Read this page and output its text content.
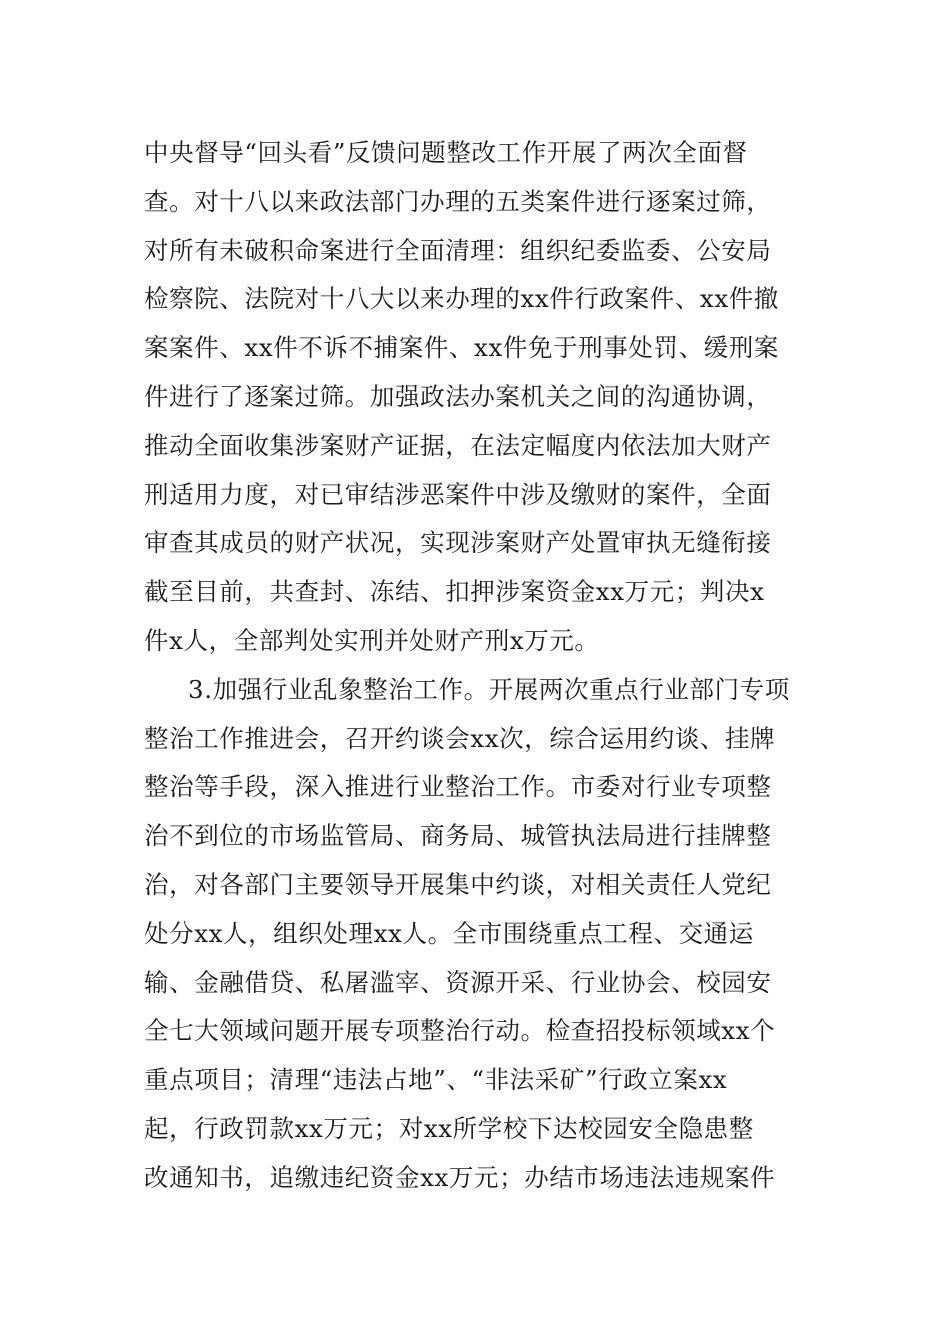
中央督导“回头看”反馈问题整改工作开展了两次全面督
查。对十八以来政法部门办理的五类案件进行逐案过筛，
对所有未破积命案进行全面清理：组织纪委监委、公安局
检察院、法院对十八大以来办理的xx件行政案件、xx件撤
案案件、xx件不诉不捕案件、xx件免于刑事处罚、缓刑案
件进行了逐案过筛。加强政法办案机关之间的沟通协调，
推动全面收集涉案财产证据，在法定幅度内依法加大财产
刑适用力度，对已审结涉恶案件中涉及缴财的案件，全面
审查其成员的财产状况，实现涉案财产处置审执无缝衔接
截至目前，共查封、冻结、扣押涉案资金xx万元；判决x
件x人，全部判处实刑并处财产刑x万元。
3.加强行业乱象整治工作。开展两次重点行业部门专项
整治工作推进会，召开约谈会xx次，综合运用约谈、挂牌
整治等手段，深入推进行业整治工作。市委对行业专项整
治不到位的市场监管局、商务局、城管执法局进行挂牌整
治，对各部门主要领导开展集中约谈，对相关责任人党纪
处分xx人，组织处理xx人。全市围绕重点工程、交通运
输、金融借贷、私屠滥宰、资源开采、行业协会、校园安
全七大领域问题开展专项整治行动。检查招投标领域xx个
重点项目；清理“违法占地”、“非法采矿”行政立案xx
起，行政罚款xx万元；对xx所学校下达校园安全隐患整
改通知书，追缴违纪资金xx万元；办结市场违法违规案件
